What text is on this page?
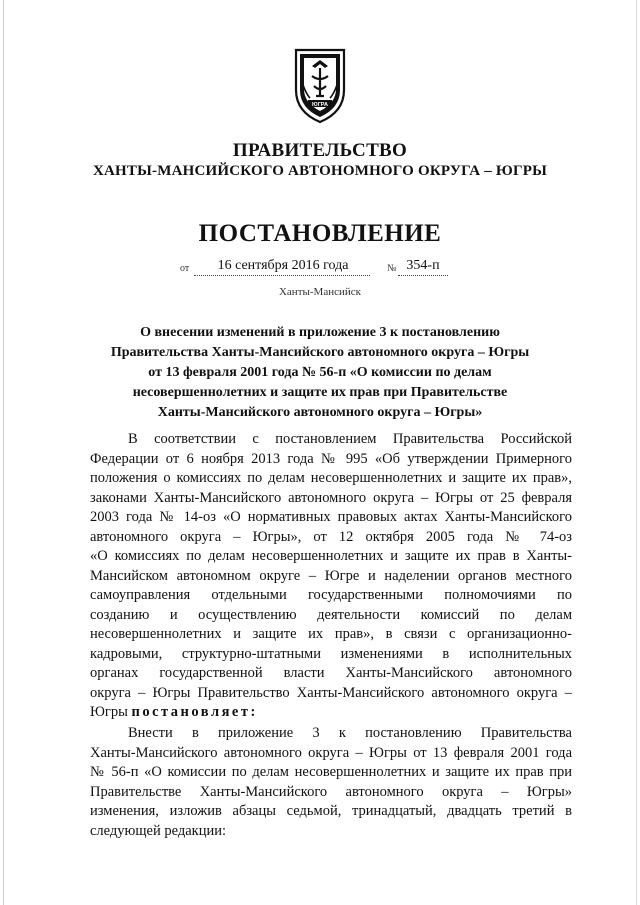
ЮГРА
ПРАВИТЕЛЬСТВО
ХАНТЫ-МАНСИЙСКОГО АВТОНОМНОГО ОКРУГА – ЮГРЫ
ПОСТАНОВЛЕНИЕ
от	16 сентября 2016 года	№ 354-п
Ханты-Мансийск
О внесении изменений в приложение 3 к постановлению
Правительства Ханты-Мансийского автономного округа – Югры
от 13 февраля 2001 года № 56-п «О комиссии по делам
несовершеннолетних и защите их прав при Правительстве
Ханты-Мансийского автономного округа – Югры»
В соответствии с постановлением Правительства Российской
Федерации от 6 ноября 2013 года № 995 «Об утверждении Примерного
положения о комиссиях по делам несовершеннолетних и защите их прав»,
законами Ханты-Мансийского автономного округа – Югры от 25 февраля
2003 года № 14-оз «О нормативных правовых актах Ханты-Мансийского
автономного округа – Югры», от 12 октября 2005 года № 74-оз
«О комиссиях по делам несовершеннолетних и защите их прав в Ханты-
Мансийском автономном округе – Югре и наделении органов местного
самоуправления отдельными государственными полномочиями по
созданию и осуществлению деятельности комиссий по делам
несовершеннолетних и защите их прав», в связи с организационно-
кадровыми, структурно-штатными изменениями в исполнительных
органах государственной власти Ханты-Мансийского автономного
округа – Югры Правительство Ханты-Мансийского автономного округа –
Югры постановляет:
Внести в приложение 3 к постановлению Правительства
Ханты-Мансийского автономного округа – Югры от 13 февраля 2001 года
№ 56-п «О комиссии по делам несовершеннолетних и защите их прав при
Правительстве Ханты-Мансийского автономного округа – Югры»
изменения, изложив абзацы седьмой, тринадцатый, двадцать третий в
следующей редакции:
